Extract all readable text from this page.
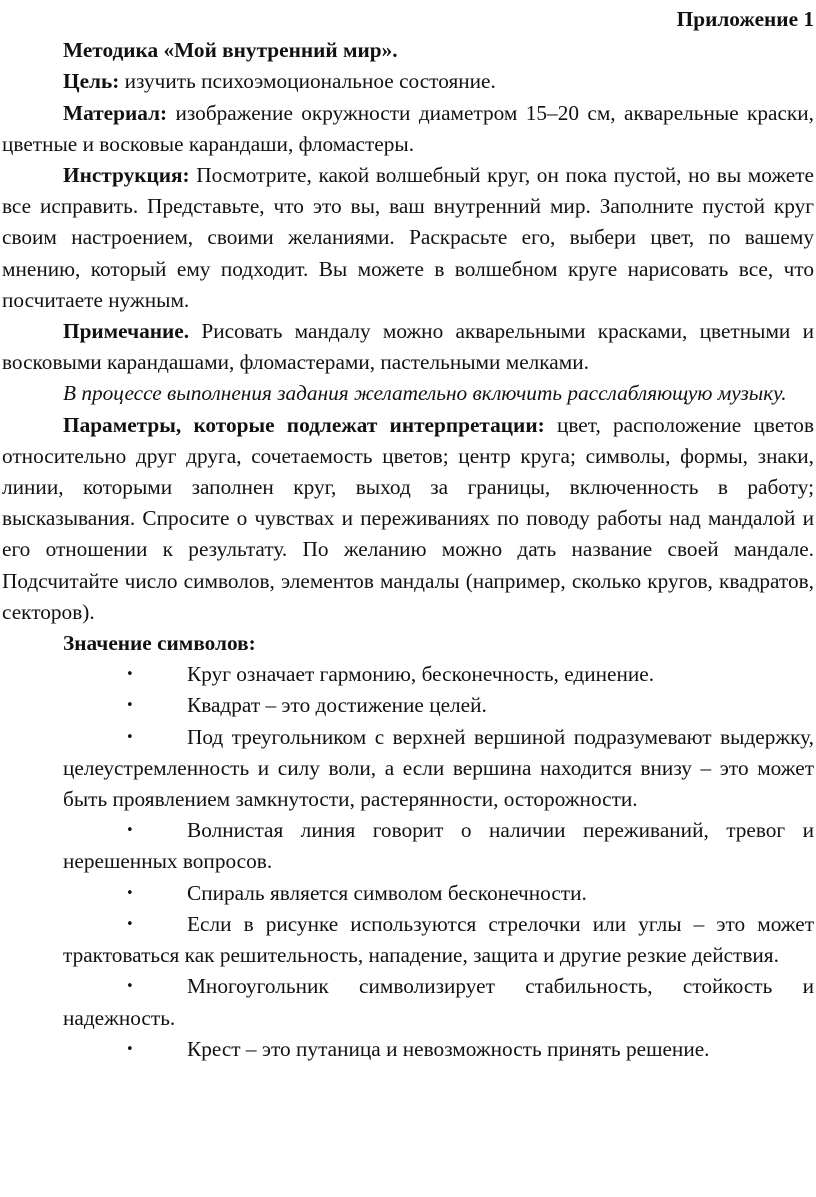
Приложение 1

Методика «Мой внутренний мир».

Цель: изучить психоэмоциональное состояние.

Материал: изображение окружности диаметром 15–20 см, акварельные краски, цветные и восковые карандаши, фломастеры.

Инструкция: Посмотрите, какой волшебный круг, он пока пустой, но вы можете все исправить. Представьте, что это вы, ваш внутренний мир. Заполните пустой круг своим настроением, своими желаниями. Раскрасьте его, выбери цвет, по вашему мнению, который ему подходит. Вы можете в волшебном круге нарисовать все, что посчитаете нужным.

Примечание. Рисовать мандалу можно акварельными красками, цветными и восковыми карандашами, фломастерами, пастельными мелками.

В процессе выполнения задания желательно включить расслабляющую музыку.

Параметры, которые подлежат интерпретации: цвет, расположение цветов относительно друг друга, сочетаемость цветов; центр круга; символы, формы, знаки, линии, которыми заполнен круг, выход за границы, включенность в работу; высказывания. Спросите о чувствах и переживаниях по поводу работы над мандалой и его отношении к результату. По желанию можно дать название своей мандале. Подсчитайте число символов, элементов мандалы (например, сколько кругов, квадратов, секторов).

Значение символов:
•	Круг означает гармонию, бесконечность, единение.
•	Квадрат – это достижение целей.
•	Под треугольником с верхней вершиной подразумевают выдержку, целеустремленность и силу воли, а если вершина находится внизу – это может быть проявлением замкнутости, растерянности, осторожности.
•	Волнистая линия говорит о наличии переживаний, тревог и нерешенных вопросов.
•	Спираль является символом бесконечности.
•	Если в рисунке используются стрелочки или углы – это может трактоваться как решительность, нападение, защита и другие резкие действия.
•	Многоугольник символизирует стабильность, стойкость и надежность.
•	Крест – это путаница и невозможность принять решение.
